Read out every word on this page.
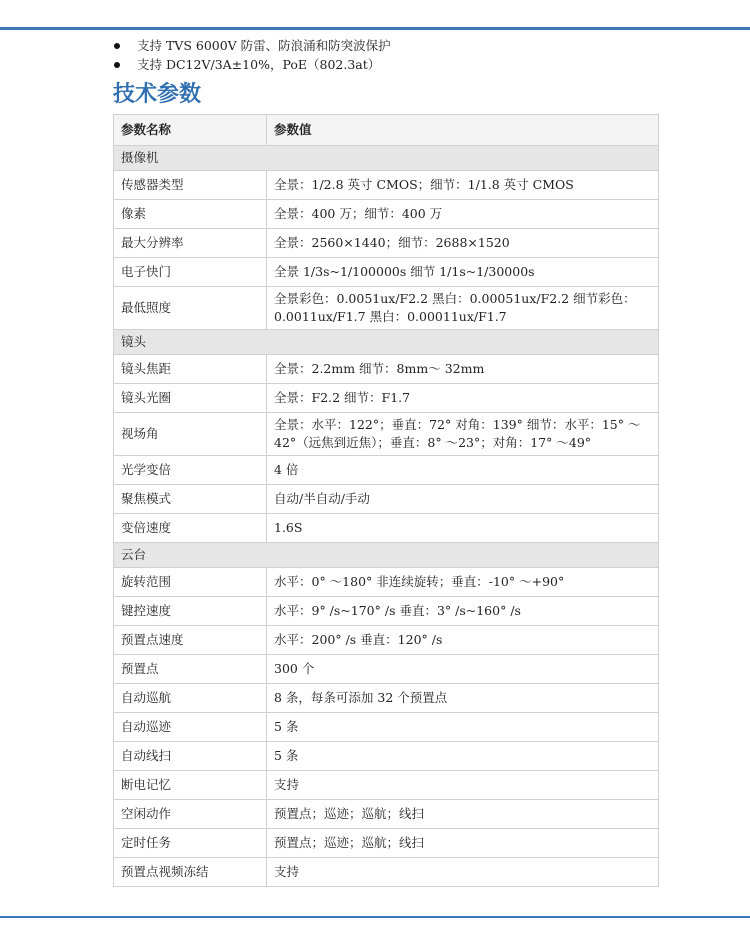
支持 TVS 6000V 防雷、防浪涌和防突波保护
支持 DC12V/3A±10%，PoE（802.3at）
技术参数
参数名称	参数值
摄像机	
传感器类型	全景：1/2.8 英寸 CMOS；细节：1/1.8 英寸 CMOS
像素	全景：400 万；细节：400 万
最大分辨率	全景：2560×1440；细节：2688×1520
电子快门	全景 1/3s~1/100000s 细节 1/1s~1/30000s
最低照度	全景彩色：0.0051ux/F2.2 黑白：0.00051ux/F2.2 细节彩色：0.0011ux/F1.7 黑白：0.00011ux/F1.7
镜头	
镜头焦距	全景：2.2mm 细节：8mm～ 32mm
镜头光圈	全景：F2.2 细节：F1.7
视场角	全景：水平：122°；垂直：72° 对角：139° 细节：水平：15° ～42°（远焦到近焦）；垂直：8° ～23°；对角：17° ～49°
光学变倍	4 倍
聚焦模式	自动/半自动/手动
变倍速度	1.6S
云台	
旋转范围	水平：0° ～180° 非连续旋转；垂直：-10° ～+90°
键控速度	水平：9° /s~170° /s 垂直：3° /s~160° /s
预置点速度	水平：200° /s 垂直：120° /s
预置点	300 个
自动巡航	8 条，每条可添加 32 个预置点
自动巡迹	5 条
自动线扫	5 条
断电记忆	支持
空闲动作	预置点；巡迹；巡航；线扫
定时任务	预置点；巡迹；巡航；线扫
预置点视频冻结	支持
